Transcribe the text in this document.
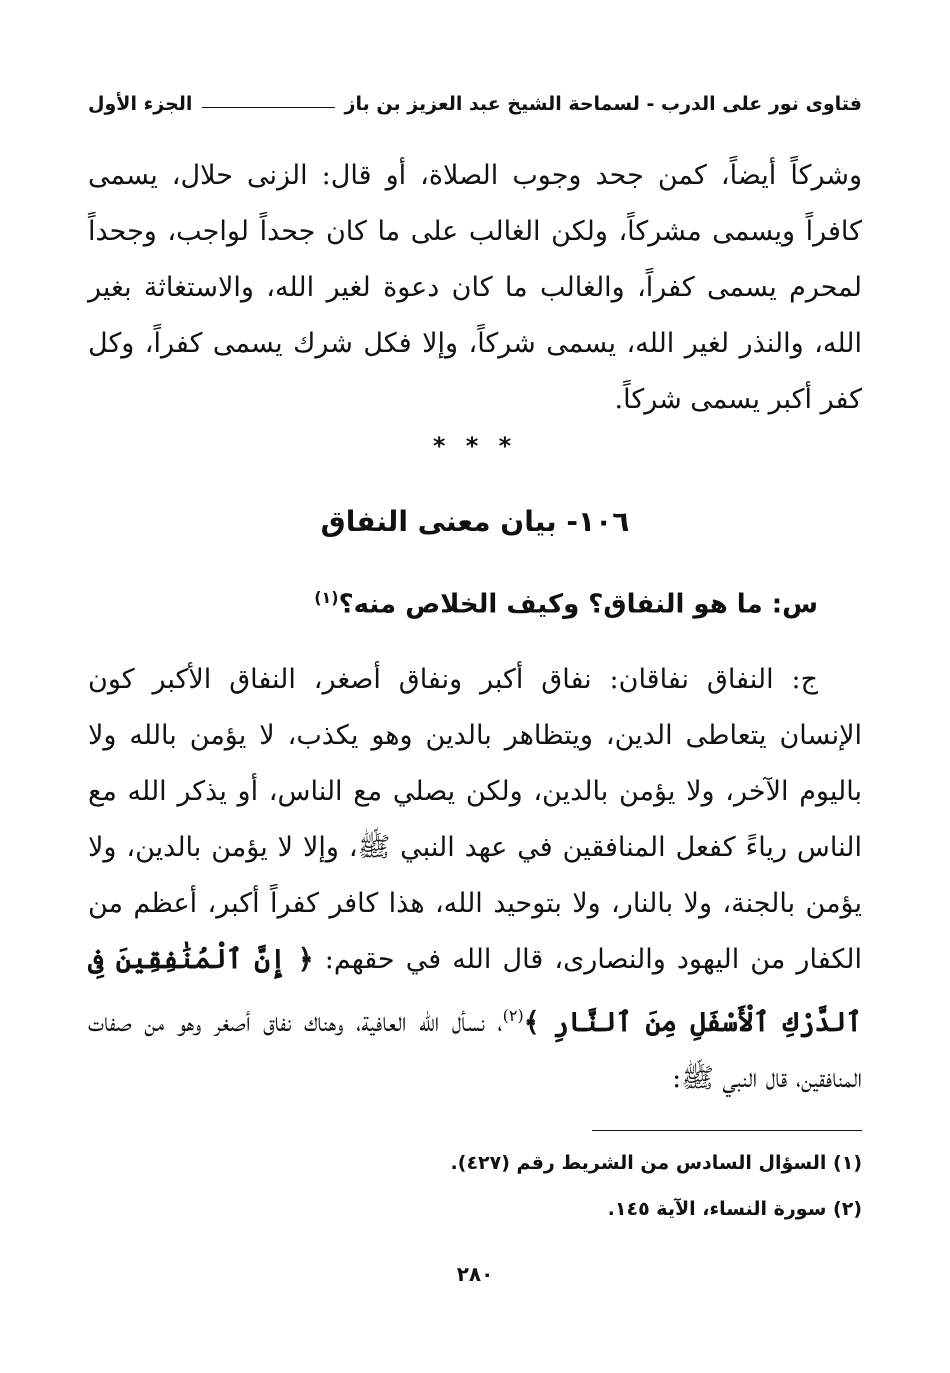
فتاوى نور على الدرب - لسماحة الشيخ عبد العزيز بن باز
الجزء الأول

وشركاً أيضاً، كمن جحد وجوب الصلاة، أو قال: الزنى حلال، يسمى كافراً ويسمى مشركاً، ولكن الغالب على ما كان جحداً لواجب، وجحداً لمحرم يسمى كفراً، والغالب ما كان دعوة لغير الله، والاستغاثة بغير الله، والنذر لغير الله، يسمى شركاً، وإلا فكل شرك يسمى كفراً، وكل كفر أكبر يسمى شركاً.

* * *
١٠٦- بيان معنى النفاق
س: ما هو النفاق؟ وكيف الخلاص منه؟$^{(١)}$

ج: النفاق نفاقان: نفاق أكبر ونفاق أصغر، النفاق الأكبر كون الإنسان يتعاطى الدين، ويتظاهر بالدين وهو يكذب، لا يؤمن بالله ولا باليوم الآخر، ولا يؤمن بالدين، ولكن يصلي مع الناس، أو يذكر الله مع الناس رياءً كفعل المنافقين في عهد النبي ﷺ، وإلا لا يؤمن بالدين، ولا يؤمن بالجنة، ولا بالنار، ولا بتوحيد الله، هذا كافر كفراً أكبر، أعظم من الكفار من اليهود والنصارى، قال الله في حقهم: ﴿ إِنَّ ٱلْمُنَٰفِقِينَ فِى ٱلدَّرْكِ ٱلْأَسْفَلِ مِنَ ٱلنَّارِ ﴾$^{(٢)}$، نسأل الله العافية، وهناك نفاق أصغر وهو من صفات المنافقين، قال النبي ﷺ:

(١) السؤال السادس من الشريط رقم (٤٢٧).
(٢) سورة النساء، الآية ١٤٥.
٢٨٠
